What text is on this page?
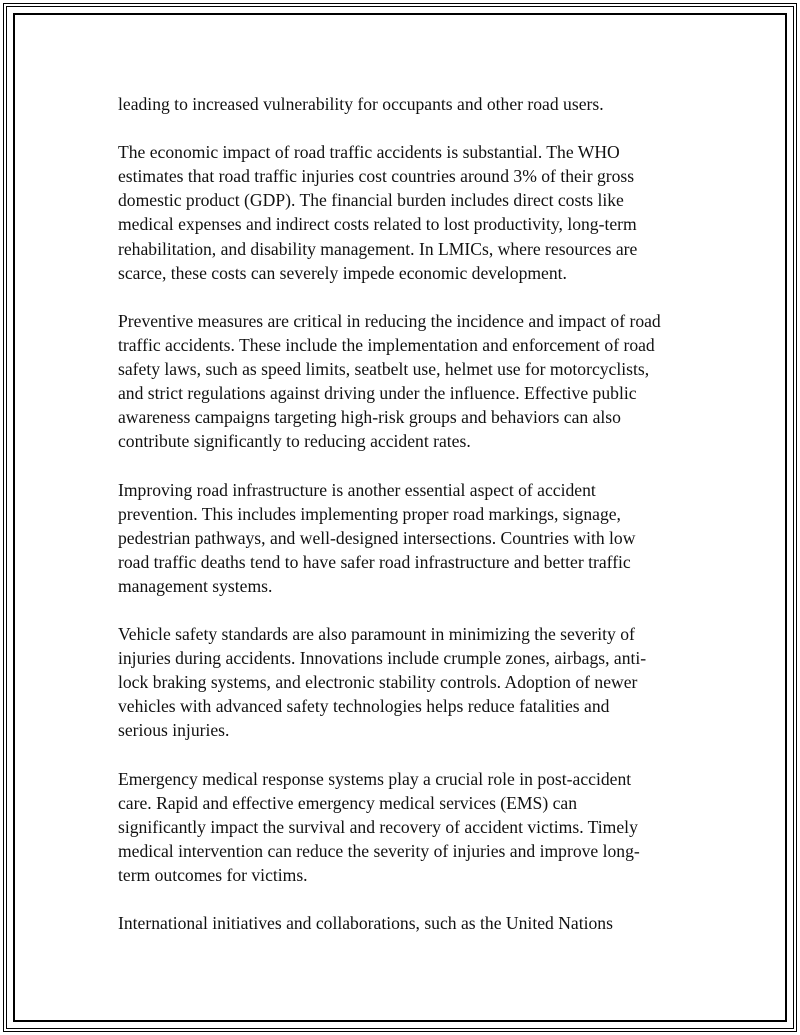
leading to increased vulnerability for occupants and other road users.

The economic impact of road traffic accidents is substantial. The WHO
estimates that road traffic injuries cost countries around 3% of their gross
domestic product (GDP). The financial burden includes direct costs like
medical expenses and indirect costs related to lost productivity, long-term
rehabilitation, and disability management. In LMICs, where resources are
scarce, these costs can severely impede economic development.

Preventive measures are critical in reducing the incidence and impact of road
traffic accidents. These include the implementation and enforcement of road
safety laws, such as speed limits, seatbelt use, helmet use for motorcyclists,
and strict regulations against driving under the influence. Effective public
awareness campaigns targeting high-risk groups and behaviors can also
contribute significantly to reducing accident rates.

Improving road infrastructure is another essential aspect of accident
prevention. This includes implementing proper road markings, signage,
pedestrian pathways, and well-designed intersections. Countries with low
road traffic deaths tend to have safer road infrastructure and better traffic
management systems.

Vehicle safety standards are also paramount in minimizing the severity of
injuries during accidents. Innovations include crumple zones, airbags, anti-
lock braking systems, and electronic stability controls. Adoption of newer
vehicles with advanced safety technologies helps reduce fatalities and
serious injuries.

Emergency medical response systems play a crucial role in post-accident
care. Rapid and effective emergency medical services (EMS) can
significantly impact the survival and recovery of accident victims. Timely
medical intervention can reduce the severity of injuries and improve long-
term outcomes for victims.

International initiatives and collaborations, such as the United Nations
